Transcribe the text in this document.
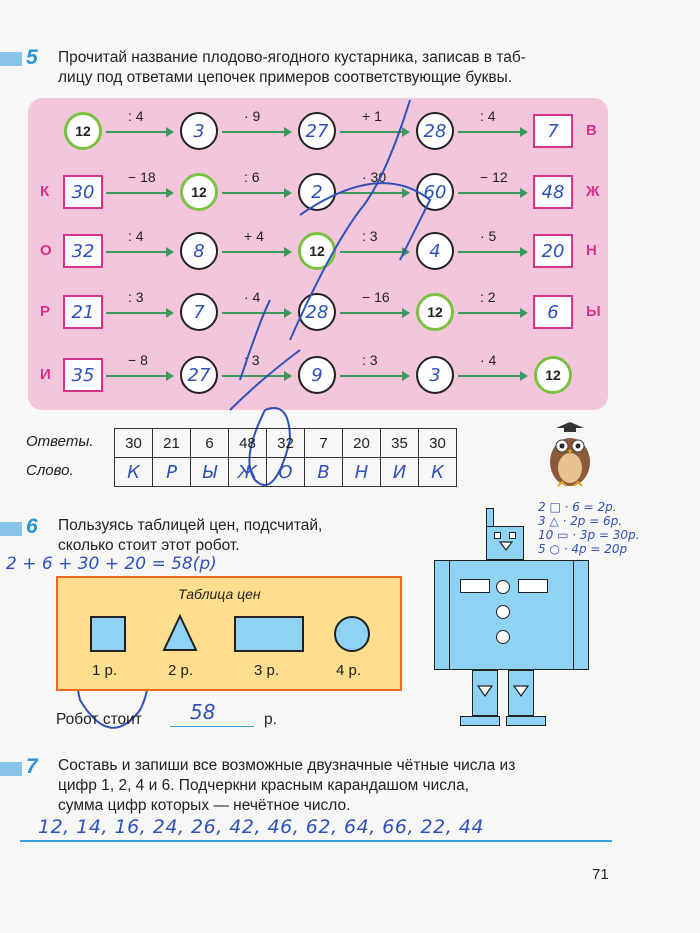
5 Прочитай название плодово-ягодного кустарника, записав в таб-
лицу под ответами цепочек примеров соответствующие буквы.
12	3	27	28	7
: 4	· 9	+ 1	: 4
В
30	12	2	60	48
− 18	: 6	· 30	− 12
К	Ж
32	8	12	4	20
: 4	+ 4	: 3	· 5
О	Н
21	7	28	12	6
: 3	· 4	− 16	: 2
Р	Ы
35	27	9	3	12
− 8	: 3	: 3	· 4
И
Ответы.
Слово.
30	21	6	48	32	7	20	35	30
К	Р	Ы	Ж	О	В	Н	И	К
6 Пользуясь таблицей цен, подсчитай,
сколько стоит этот робот.
2 + 6 + 30 + 20 = 58(р)
Таблица цен
1 р.	2 р.	3 р.	4 р.
Робот стоит 58	р.
2 □ · 6 = 2р.
3 △ · 2р = 6р.
10 ▭ · 3р = 30р.
5 ○ · 4р = 20р
7 Составь и запиши все возможные двузначные чётные числа из
цифр 1, 2, 4 и 6. Подчеркни красным карандашом числа,
сумма цифр которых — нечётное число.
12, 14, 16, 24, 26, 42, 46, 62, 64, 66, 22, 44
71
